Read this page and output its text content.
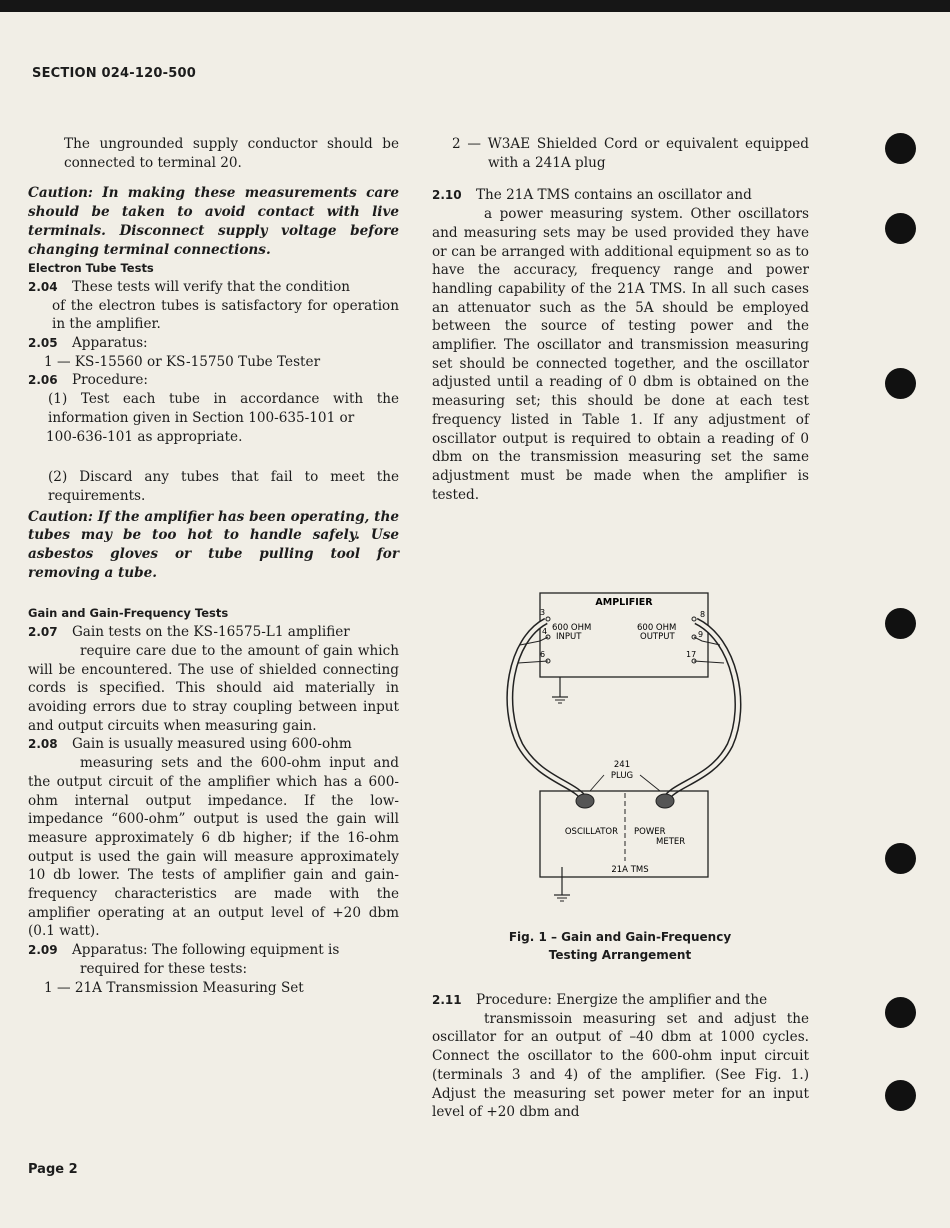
SECTION 024-120-500

The ungrounded supply conductor should be connected to terminal 20.

Caution: In making these measurements care should be taken to avoid contact with live terminals. Disconnect supply voltage before changing terminal connections.

Electron Tube Tests

2.04 These tests will verify that the condition
of the electron tubes is satisfactory for operation in the amplifier.

2.05 Apparatus:

1 — KS-15560 or KS-15750 Tube Tester

2.06 Procedure:

(1) Test each tube in accordance with the information given in Section 100-635-101 or

100-636-101 as appropriate.

(2) Discard any tubes that fail to meet the requirements.

Caution: If the amplifier has been operating, the tubes may be too hot to handle safely. Use asbestos gloves or tube pulling tool for removing a tube.

Gain and Gain-Frequency Tests

2.07 Gain tests on the KS-16575-L1 amplifier
require care due to the amount of gain which will be encountered. The use of shielded connecting cords is specified. This should aid materially in avoiding errors due to stray coupling between input and output circuits when measuring gain.

2.08 Gain is usually measured using 600-ohm
measuring sets and the 600-ohm input and the output circuit of the amplifier which has a 600-ohm internal output impedance. If the low-impedance “600-ohm” output is used the gain will measure approximately 6 db higher; if the 16-ohm output is used the gain will measure approximately 10 db lower. The tests of amplifier gain and gain-frequency characteristics are made with the amplifier operating at an output level of +20 dbm (0.1 watt).

2.09 Apparatus: The following equipment is
required for these tests:

1 — 21A Transmission Measuring Set

2 — W3AE Shielded Cord or equivalent equipped with a 241A plug

2.10 The 21A TMS contains an oscillator and
a power measuring system. Other oscillators and measuring sets may be used provided they have or can be arranged with additional equipment so as to have the accuracy, frequency range and power handling capability of the 21A TMS. In all such cases an attenuator such as the 5A should be employed between the source of testing power and the amplifier. The oscillator and transmission measuring set should be connected together, and the oscillator adjusted until a reading of 0 dbm is obtained on the measuring set; this should be done at each test frequency listed in Table 1. If any adjustment of oscillator output is required to obtain a reading of 0 dbm on the transmission measuring set the same adjustment must be made when the amplifier is tested.

AMPLIFIER
600 OHM
INPUT
600 OHM
OUTPUT
3
4
6
8
9
17
241
PLUG
OSCILLATOR POWER
METER
21A TMS
Fig. 1 – Gain and Gain-Frequency
Testing Arrangement

2.11 Procedure: Energize the amplifier and the
transmissoin measuring set and adjust the oscillator for an output of –40 dbm at 1000 cycles. Connect the oscillator to the 600-ohm input circuit (terminals 3 and 4) of the amplifier. (See Fig. 1.) Adjust the measuring set power meter for an input level of +20 dbm and

Page 2
